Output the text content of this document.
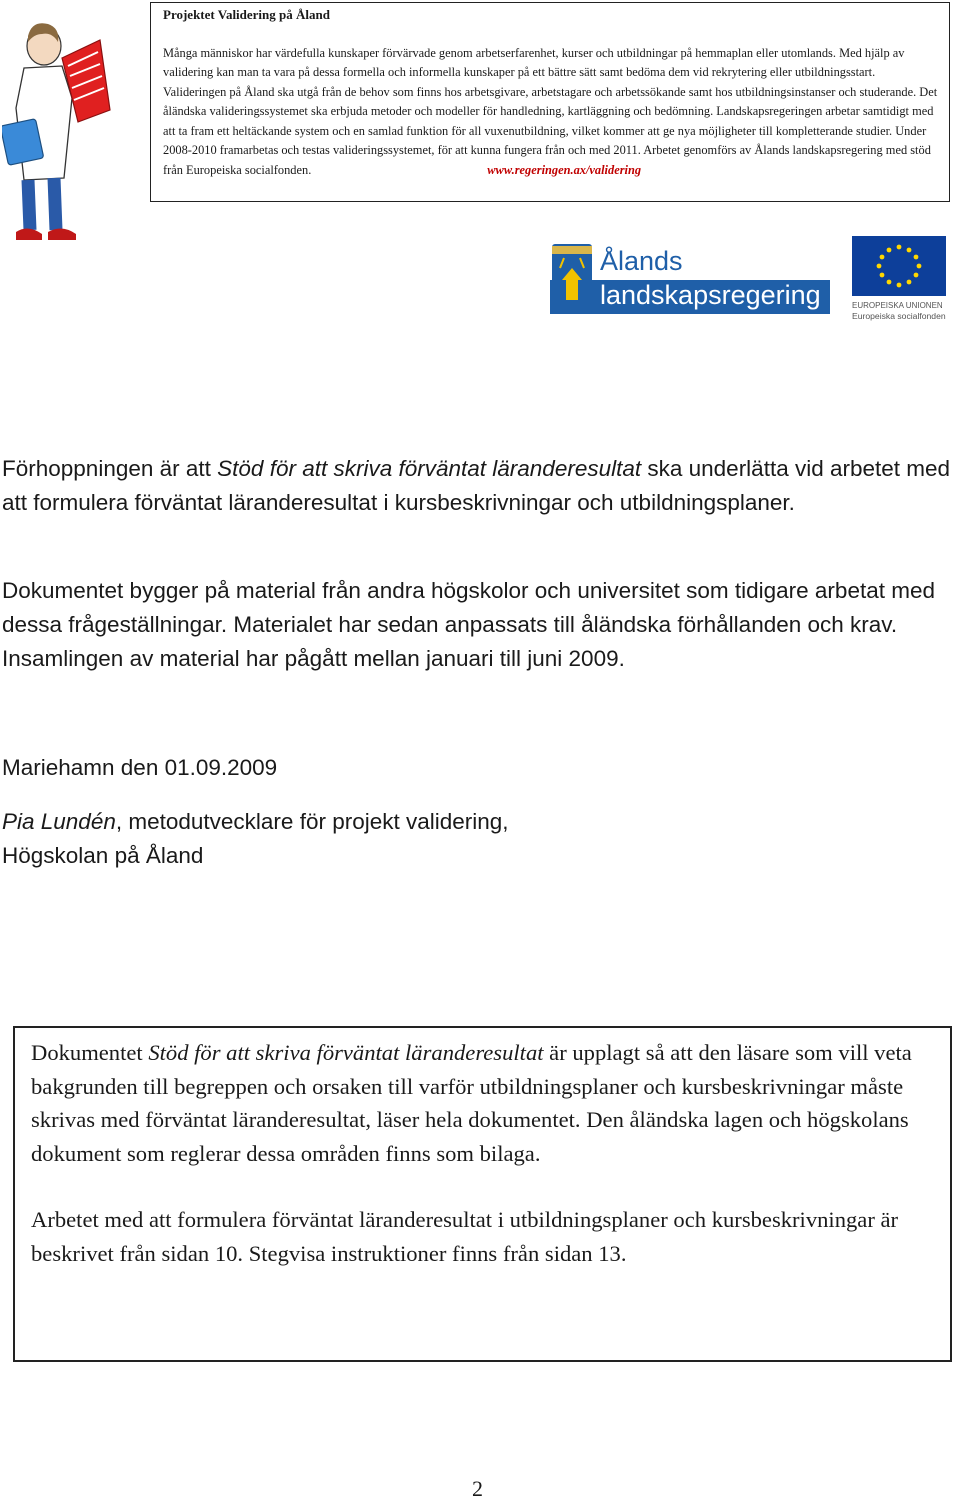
Projektet Validering på Åland

Många människor har värdefulla kunskaper förvärvade genom arbetserfarenhet, kurser och utbildningar på hemmaplan eller utomlands. Med hjälp av validering kan man ta vara på dessa formella och informella kunskaper på ett bättre sätt samt bedöma dem vid rekrytering eller utbildningsstart. Valideringen på Åland ska utgå från de behov som finns hos arbetsgivare, arbetstagare och arbetssökande samt hos utbildningsinstanser och studerande. Det åländska valideringssystemet ska erbjuda metoder och modeller för handledning, kartläggning och bedömning. Landskapsregeringen arbetar samtidigt med att ta fram ett heltäckande system och en samlad funktion för all vuxenutbildning, vilket kommer att ge nya möjligheter till kompletterande studier. Under 2008-2010 framarbetas och testas valideringssystemet, för att kunna fungera från och med 2011. Arbetet genomförs av Ålands landskapsregering med stöd från Europeiska socialfonden.	www.regeringen.ax/validering

Ålands
landskapsregering	EUROPEISKA UNIONEN
Europeiska socialfonden

Förhoppningen är att Stöd för att skriva förväntat läranderesultat ska underlätta vid arbetet med att formulera förväntat läranderesultat i kursbeskrivningar och utbildningsplaner.

Dokumentet bygger på material från andra högskolor och universitet som tidigare arbetat med dessa frågeställningar. Materialet har sedan anpassats till åländska förhållanden och krav. Insamlingen av material har pågått mellan januari till juni 2009.

Mariehamn den 01.09.2009

Pia Lundén, metodutvecklare för projekt validering,
Högskolan på Åland

Dokumentet Stöd för att skriva förväntat läranderesultat är upplagt så att den läsare som vill veta bakgrunden till begreppen och orsaken till varför utbildningsplaner och kursbeskrivningar måste skrivas med förväntat läranderesultat, läser hela dokumentet. Den åländska lagen och högskolans dokument som reglerar dessa områden finns som bilaga.

Arbetet med att formulera förväntat läranderesultat i utbildningsplaner och kursbeskrivningar är beskrivet från sidan 10. Stegvisa instruktioner finns från sidan 13.

2
